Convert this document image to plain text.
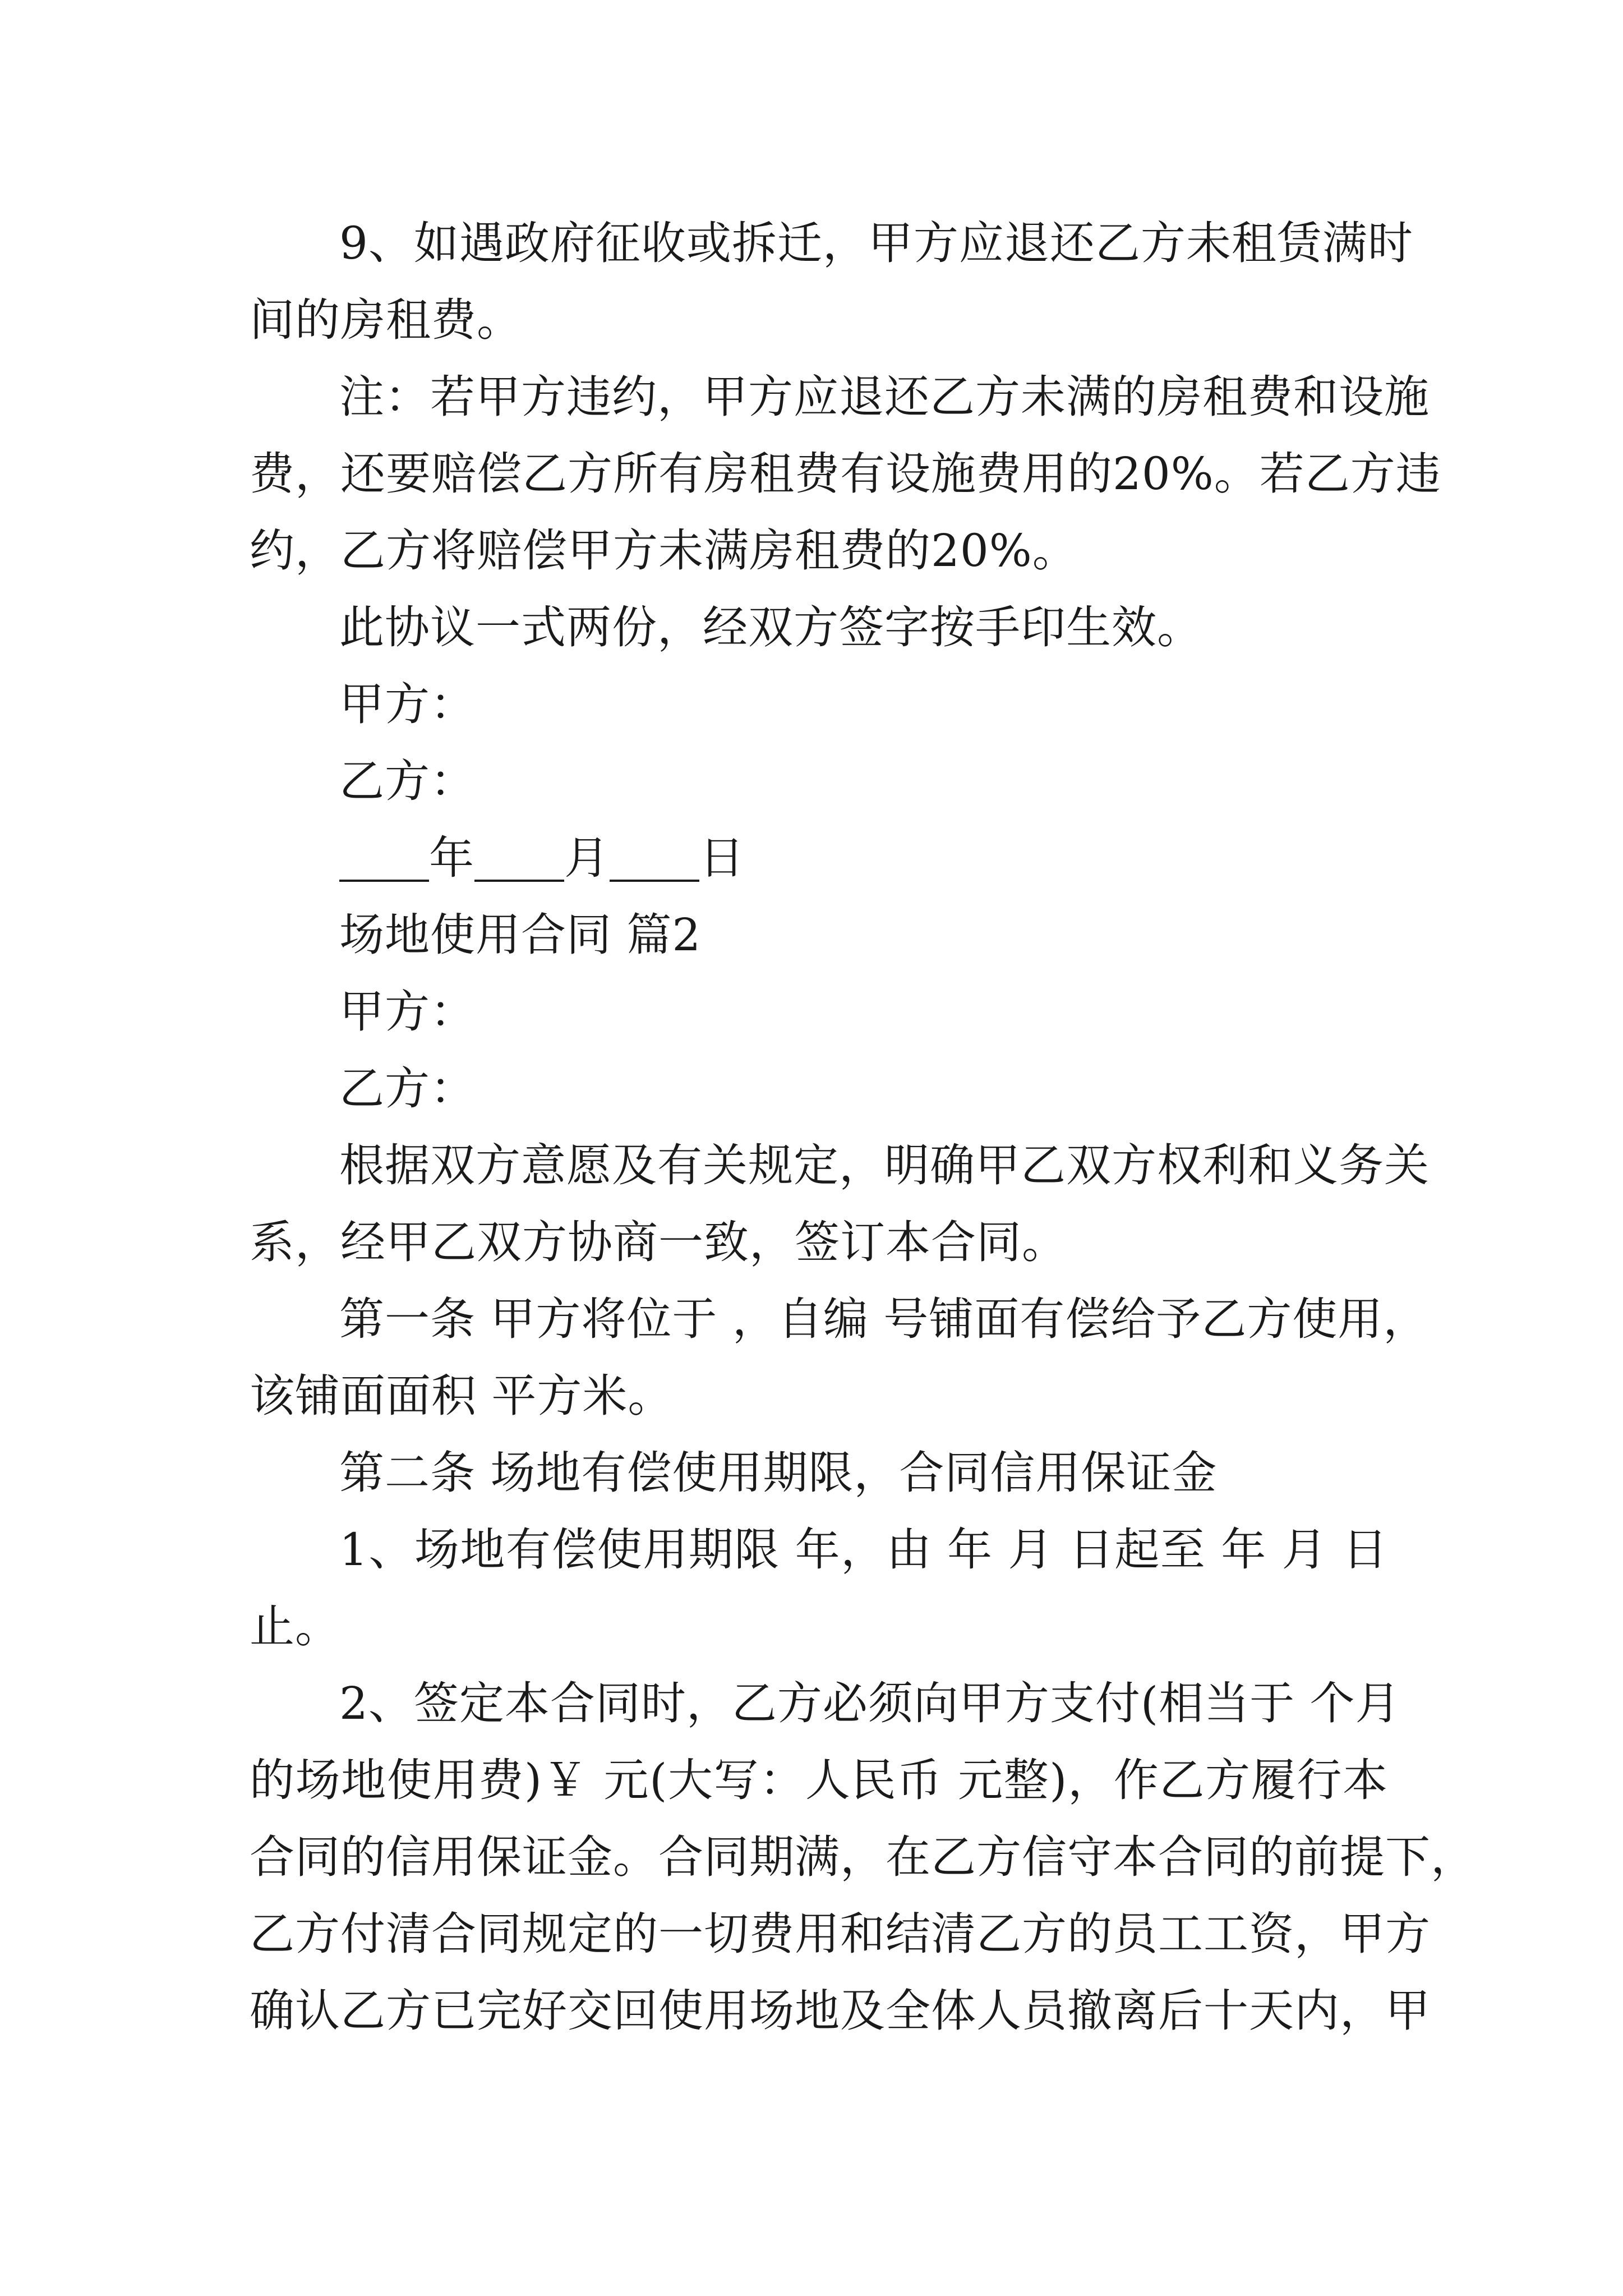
9、如遇政府征收或拆迁，甲方应退还乙方未租赁满时
间的房租费。
注：若甲方违约，甲方应退还乙方未满的房租费和设施
费，还要赔偿乙方所有房租费有设施费用的20%。若乙方违
约，乙方将赔偿甲方未满房租费的20%。
此协议一式两份，经双方签字按手印生效。
甲方：
乙方：
年 月 日
场地使用合同 篇2
甲方：
乙方：
根据双方意愿及有关规定，明确甲乙双方权利和义务关
系，经甲乙双方协商一致，签订本合同。
第一条 甲方将位于 ，自编 号铺面有偿给予乙方使用，
该铺面面积 平方米。
第二条 场地有偿使用期限，合同信用保证金
1、场地有偿使用期限 年，由 年 月 日起至 年 月 日
止。
2、签定本合同时，乙方必须向甲方支付(相当于 个月
的场地使用费)￥ 元(大写：人民币 元整)，作乙方履行本
合同的信用保证金。合同期满，在乙方信守本合同的前提下，
乙方付清合同规定的一切费用和结清乙方的员工工资，甲方
确认乙方已完好交回使用场地及全体人员撤离后十天内，甲
